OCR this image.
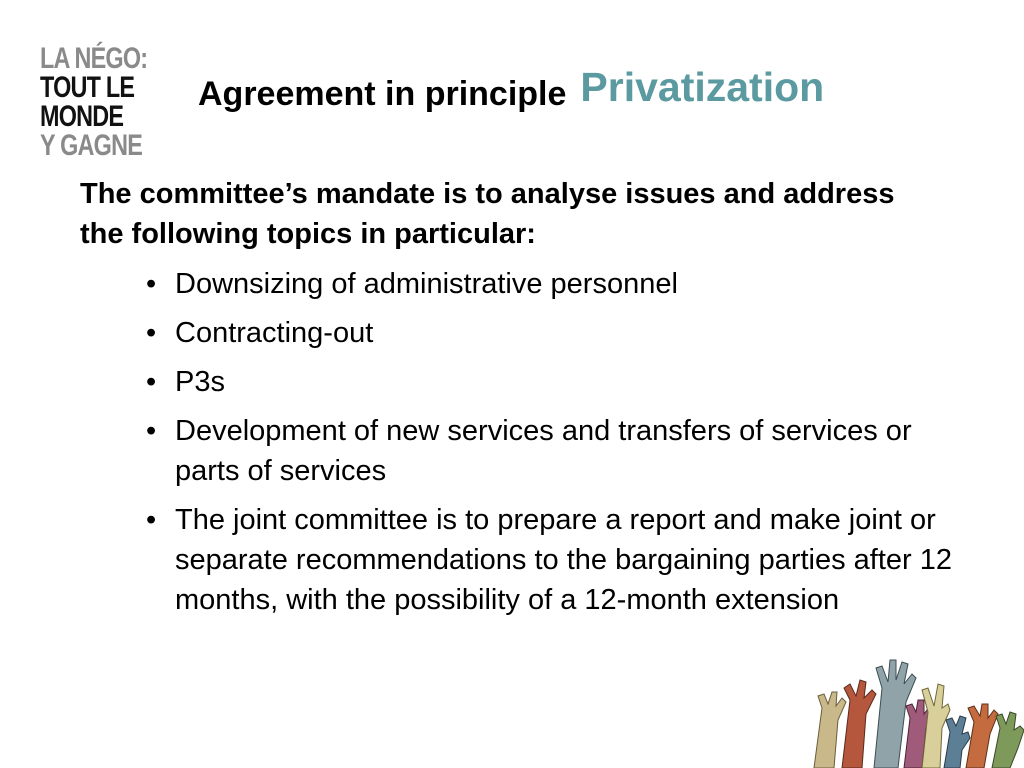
LA NÉGO:
TOUT LE
MONDE
Y GAGNE
Agreement in principle Privatization
The committee’s mandate is to analyse issues and address the following topics in particular:
• Downsizing of administrative personnel
• Contracting-out
• P3s
• Development of new services and transfers of services or parts of services
• The joint committee is to prepare a report and make joint or separate recommendations to the bargaining parties after 12 months, with the possibility of a 12-month extension
